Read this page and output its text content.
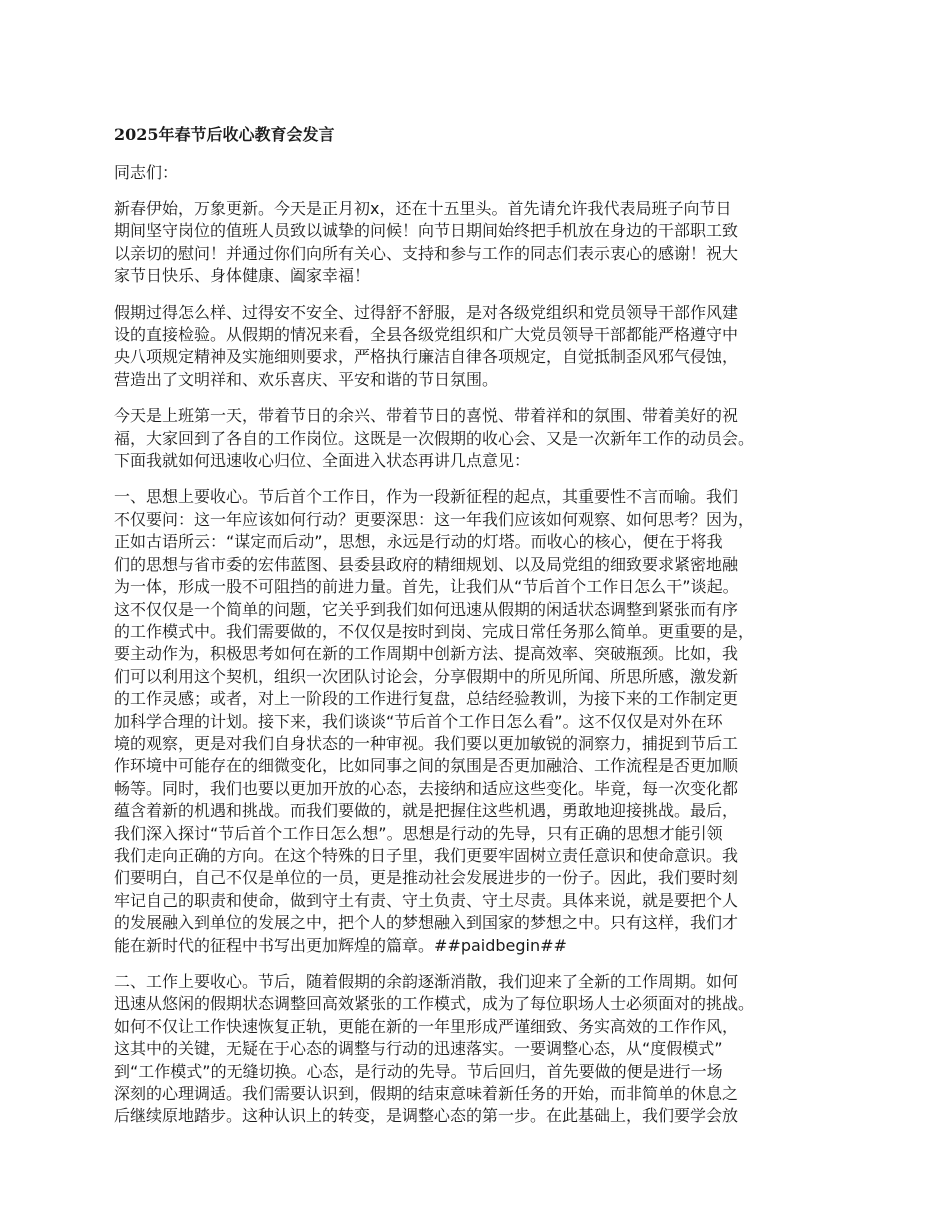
2025年春节后收心教育会发言
同志们：
新春伊始，万象更新。今天是正月初x，还在十五里头。首先请允许我代表局班子向节日
期间坚守岗位的值班人员致以诚挚的问候！向节日期间始终把手机放在身边的干部职工致
以亲切的慰问！并通过你们向所有关心、支持和参与工作的同志们表示衷心的感谢！祝大
家节日快乐、身体健康、阖家幸福！
假期过得怎么样、过得安不安全、过得舒不舒服，是对各级党组织和党员领导干部作风建
设的直接检验。从假期的情况来看，全县各级党组织和广大党员领导干部都能严格遵守中
央八项规定精神及实施细则要求，严格执行廉洁自律各项规定，自觉抵制歪风邪气侵蚀，
营造出了文明祥和、欢乐喜庆、平安和谐的节日氛围。
今天是上班第一天，带着节日的余兴、带着节日的喜悦、带着祥和的氛围、带着美好的祝
福，大家回到了各自的工作岗位。这既是一次假期的收心会、又是一次新年工作的动员会。
下面我就如何迅速收心归位、全面进入状态再讲几点意见：
一、思想上要收心。节后首个工作日，作为一段新征程的起点，其重要性不言而喻。我们
不仅要问：这一年应该如何行动？更要深思：这一年我们应该如何观察、如何思考？因为，
正如古语所云：“谋定而后动”，思想，永远是行动的灯塔。而收心的核心，便在于将我
们的思想与省市委的宏伟蓝图、县委县政府的精细规划、以及局党组的细致要求紧密地融
为一体，形成一股不可阻挡的前进力量。首先，让我们从“节后首个工作日怎么干”谈起。
这不仅仅是一个简单的问题，它关乎到我们如何迅速从假期的闲适状态调整到紧张而有序
的工作模式中。我们需要做的，不仅仅是按时到岗、完成日常任务那么简单。更重要的是，
要主动作为，积极思考如何在新的工作周期中创新方法、提高效率、突破瓶颈。比如，我
们可以利用这个契机，组织一次团队讨论会，分享假期中的所见所闻、所思所感，激发新
的工作灵感；或者，对上一阶段的工作进行复盘，总结经验教训，为接下来的工作制定更
加科学合理的计划。接下来，我们谈谈“节后首个工作日怎么看”。这不仅仅是对外在环
境的观察，更是对我们自身状态的一种审视。我们要以更加敏锐的洞察力，捕捉到节后工
作环境中可能存在的细微变化，比如同事之间的氛围是否更加融洽、工作流程是否更加顺
畅等。同时，我们也要以更加开放的心态，去接纳和适应这些变化。毕竟，每一次变化都
蕴含着新的机遇和挑战。而我们要做的，就是把握住这些机遇，勇敢地迎接挑战。最后，
我们深入探讨“节后首个工作日怎么想”。思想是行动的先导，只有正确的思想才能引领
我们走向正确的方向。在这个特殊的日子里，我们更要牢固树立责任意识和使命意识。我
们要明白，自己不仅是单位的一员，更是推动社会发展进步的一份子。因此，我们要时刻
牢记自己的职责和使命，做到守土有责、守土负责、守土尽责。具体来说，就是要把个人
的发展融入到单位的发展之中，把个人的梦想融入到国家的梦想之中。只有这样，我们才
能在新时代的征程中书写出更加辉煌的篇章。##paidbegin##
二、工作上要收心。节后，随着假期的余韵逐渐消散，我们迎来了全新的工作周期。如何
迅速从悠闲的假期状态调整回高效紧张的工作模式，成为了每位职场人士必须面对的挑战。
如何不仅让工作快速恢复正轨，更能在新的一年里形成严谨细致、务实高效的工作作风，
这其中的关键，无疑在于心态的调整与行动的迅速落实。一要调整心态，从“度假模式”
到“工作模式”的无缝切换。心态，是行动的先导。节后回归，首先要做的便是进行一场
深刻的心理调适。我们需要认识到，假期的结束意味着新任务的开始，而非简单的休息之
后继续原地踏步。这种认识上的转变，是调整心态的第一步。在此基础上，我们要学会放
